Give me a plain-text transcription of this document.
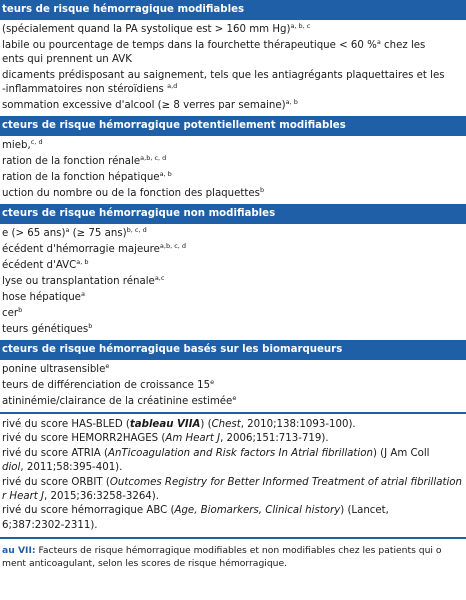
teurs de risque hémorragique modifiables
(spécialement quand la PA systolique est > 160 mm Hg)$^{a, b, c}$
labile ou pourcentage de temps dans la fourchette thérapeutique < 60 %$^a$ chez les
ents qui prennent un AVK
dicaments prédisposant au saignement, tels que les antiagrégants plaquettaires et les
-inflammatoires non stéroïdiens $^{a,d}$
sommation excessive d'alcool (≥ 8 verres par semaine)$^{a, b}$
cteurs de risque hémorragique potentiellement modifiables
mieb,$^{c, d}$
ration de la fonction rénale$^{a,b, c, d}$
ration de la fonction hépatique$^{a, b}$
uction du nombre ou de la fonction des plaquettes$^b$
cteurs de risque hémorragique non modifiables
e (> 65 ans)$^a$ (≥ 75 ans)$^{b, c, d}$
écédent d'hémorragie majeure$^{a,b, c, d}$
écédent d'AVC$^{a, b}$
lyse ou transplantation rénale$^{a,c}$
hose hépatique$^a$
cer$^b$
teurs génétiques$^b$
cteurs de risque hémorragique basés sur les biomarqueurs
ponine ultrasensible$^e$
teurs de différenciation de croissance 15e
atininémie/clairance de la créatinine estimée$^e$
rivé du score HAS-BLED (tableau VIIA) (Chest, 2010;138:1093-100).
rivé du score HEMORR2HAGES (Am Heart J, 2006;151:713-719).
rivé du score ATRIA (AnTicoagulation and Risk factors In Atrial fibrillation) (J Am Coll
diol, 2011;58:395-401).
rivé du score ORBIT (Outcomes Registry for Better Informed Treatment of atrial fibrillation
r Heart J, 2015;36:3258-3264).
rivé du score hémorragique ABC (Age, Biomarkers, Clinical history) (Lancet,
6;387:2302-2311).
au VII: Facteurs de risque hémorragique modifiables et non modifiables chez les patients qui o
ment anticoagulant, selon les scores de risque hémorragique.
